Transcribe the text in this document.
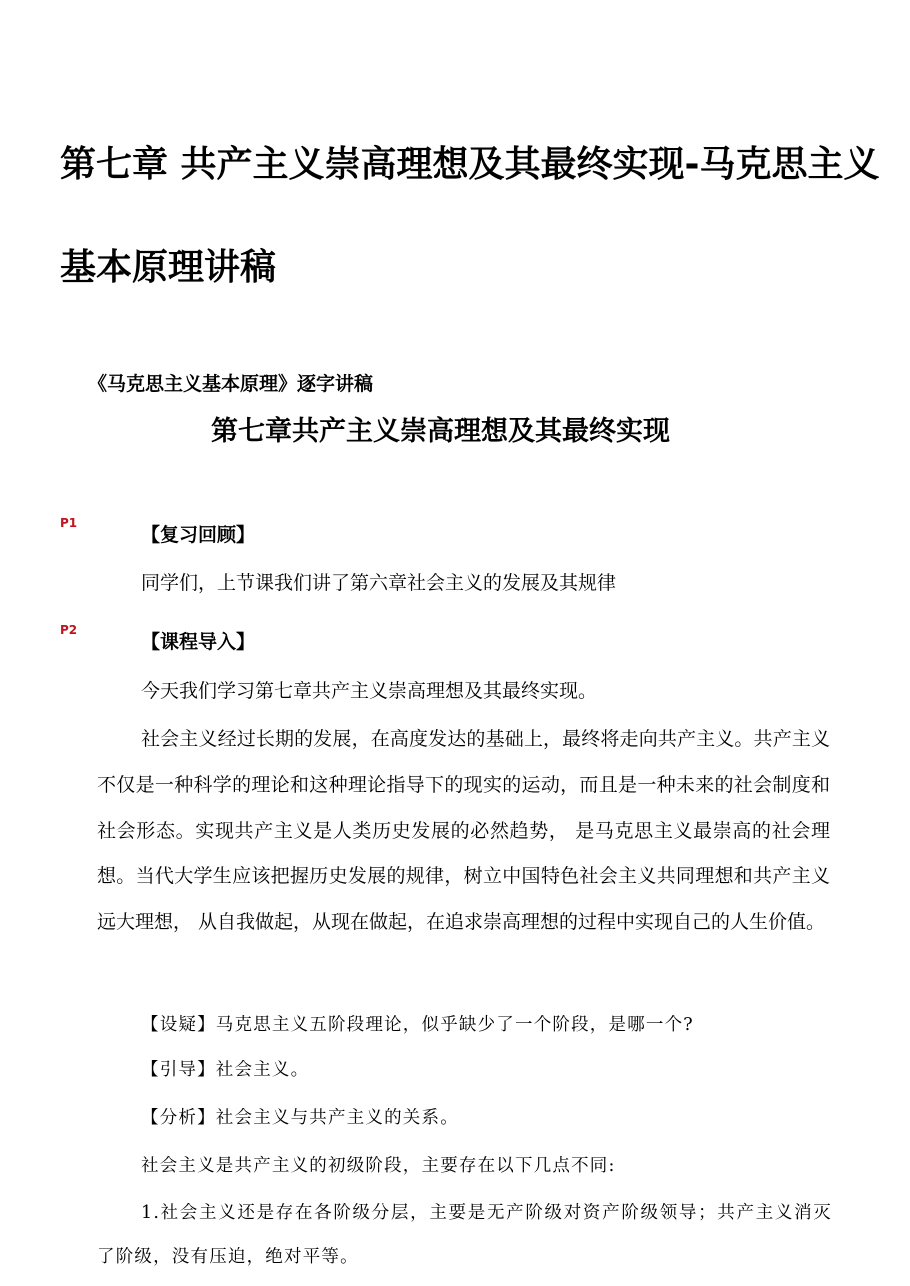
第七章 共产主义崇高理想及其最终实现-马克思主义
基本原理讲稿
《马克思主义基本原理》逐字讲稿
第七章共产主义崇高理想及其最终实现
P1
【复习回顾】
同学们，上节课我们讲了第六章社会主义的发展及其规律
P2
【课程导入】
今天我们学习第七章共产主义崇高理想及其最终实现。
社会主义经过长期的发展，在高度发达的基础上，最终将走向共产主义。共产主义不仅是一种科学的理论和这种理论指导下的现实的运动，而且是一种未来的社会制度和社会形态。实现共产主义是人类历史发展的必然趋势， 是马克思主义最崇高的社会理想。当代大学生应该把握历史发展的规律，树立中国特色社会主义共同理想和共产主义远大理想， 从自我做起，从现在做起，在追求崇高理想的过程中实现自己的人生价值。
【设疑】马克思主义五阶段理论，似乎缺少了一个阶段，是哪一个?
【引导】社会主义。
【分析】社会主义与共产主义的关系。
社会主义是共产主义的初级阶段，主要存在以下几点不同:
1.社会主义还是存在各阶级分层，主要是无产阶级对资产阶级领导；共产主义消灭了阶级，没有压迫，绝对平等。
